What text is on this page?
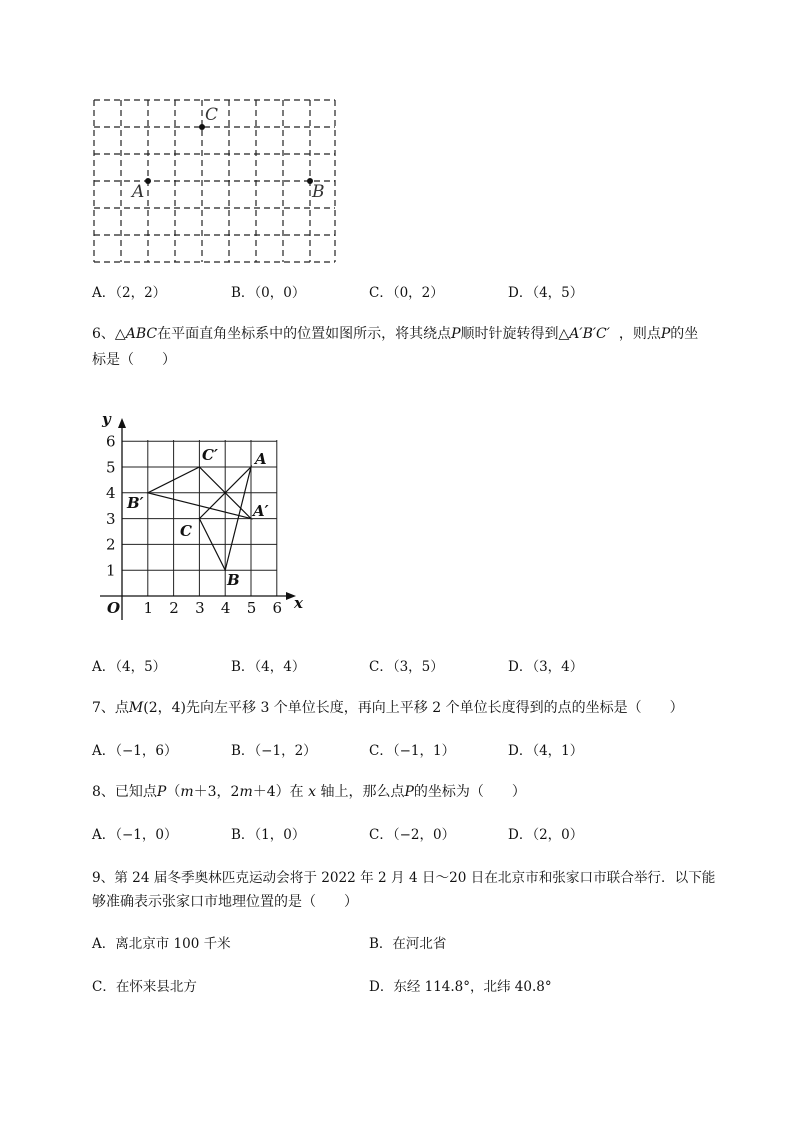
C
A	B
A．（2，2）	B．（0，0）	C．（0，2）	D．（4，5）
6、△ABC在平面直角坐标系中的位置如图所示，将其绕点P顺时针旋转得到△A′B′C′ ，则点P的坐
标是（　　）
y
x
O 1 2 3 4 5 6
1
2
3
4
5
6
A
B
C
A′
B′
C′
A．（4，5）	B．（4，4）	C．（3，5）	D．（3，4）
7、点M(2，4)先向左平移 3 个单位长度，再向上平移 2 个单位长度得到的点的坐标是（　　）
A．（−1，6）	B．（−1，2）	C．（−1，1）	D．（4，1）
8、已知点P（m＋3，2m＋4）在 x 轴上，那么点P的坐标为（　　）
A．（−1，0）	B．（1，0）	C．（−2，0）	D．（2，0）
9、第 24 届冬季奥林匹克运动会将于 2022 年 2 月 4 日～20 日在北京市和张家口市联合举行．以下能
够准确表示张家口市地理位置的是（　　）
A．离北京市 100 千米	B．在河北省
C．在怀来县北方	D．东经 114.8°，北纬 40.8°
